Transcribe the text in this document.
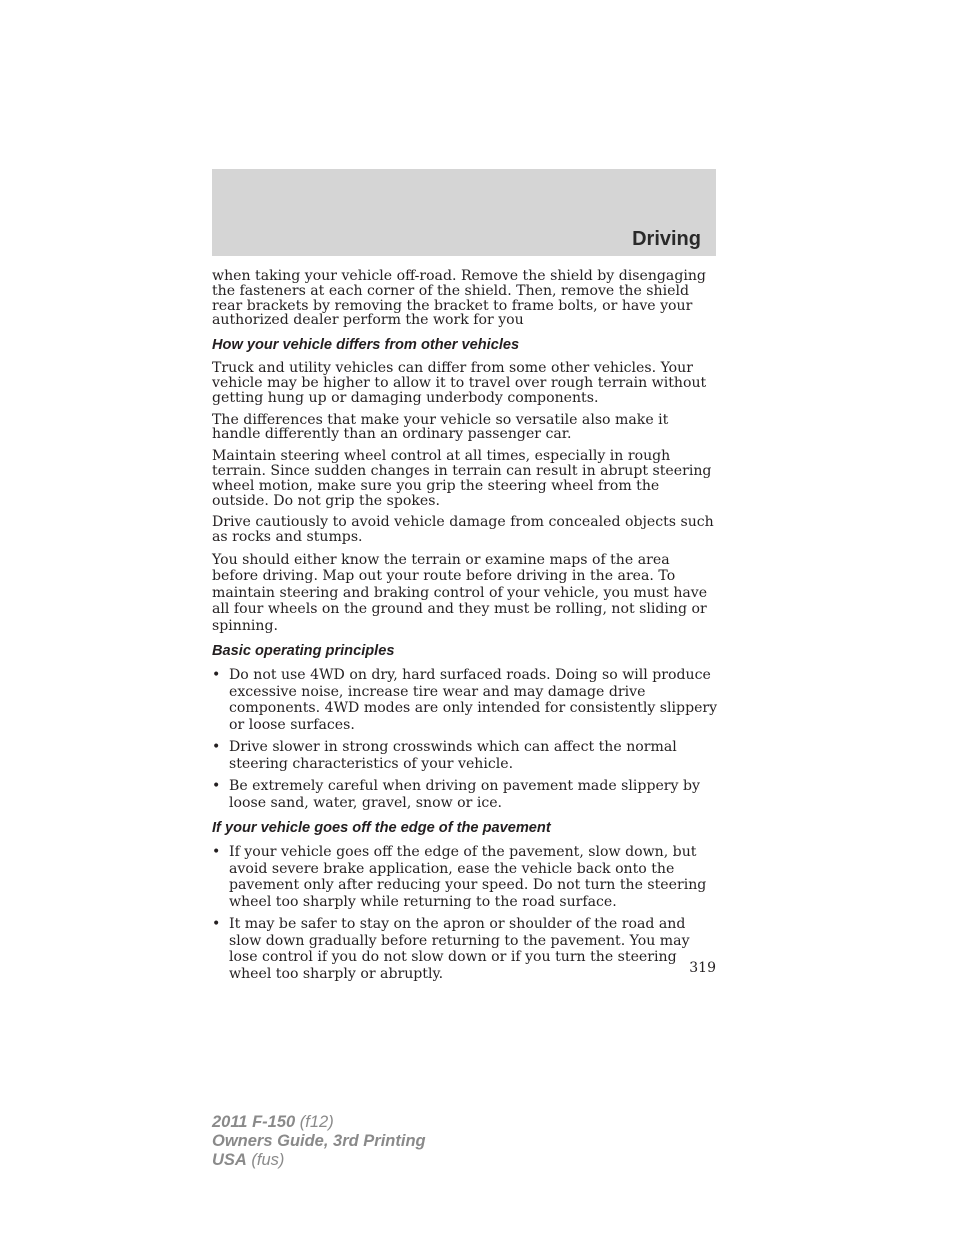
Driving

when taking your vehicle off-road. Remove the shield by disengaging the fasteners at each corner of the shield. Then, remove the shield rear brackets by removing the bracket to frame bolts, or have your authorized dealer perform the work for you

How your vehicle differs from other vehicles

Truck and utility vehicles can differ from some other vehicles. Your vehicle may be higher to allow it to travel over rough terrain without getting hung up or damaging underbody components.

The differences that make your vehicle so versatile also make it handle differently than an ordinary passenger car.

Maintain steering wheel control at all times, especially in rough terrain. Since sudden changes in terrain can result in abrupt steering wheel motion, make sure you grip the steering wheel from the outside. Do not grip the spokes.

Drive cautiously to avoid vehicle damage from concealed objects such as rocks and stumps.

You should either know the terrain or examine maps of the area before driving. Map out your route before driving in the area. To maintain steering and braking control of your vehicle, you must have all four wheels on the ground and they must be rolling, not sliding or spinning.

Basic operating principles
• Do not use 4WD on dry, hard surfaced roads. Doing so will produce excessive noise, increase tire wear and may damage drive components. 4WD modes are only intended for consistently slippery or loose surfaces.
• Drive slower in strong crosswinds which can affect the normal steering characteristics of your vehicle.
• Be extremely careful when driving on pavement made slippery by loose sand, water, gravel, snow or ice.
If your vehicle goes off the edge of the pavement
• If your vehicle goes off the edge of the pavement, slow down, but avoid severe brake application, ease the vehicle back onto the pavement only after reducing your speed. Do not turn the steering wheel too sharply while returning to the road surface.
• It may be safer to stay on the apron or shoulder of the road and slow down gradually before returning to the pavement. You may lose control if you do not slow down or if you turn the steering wheel too sharply or abruptly.	319
2011 F-150 (f12)
Owners Guide, 3rd Printing
USA (fus)
